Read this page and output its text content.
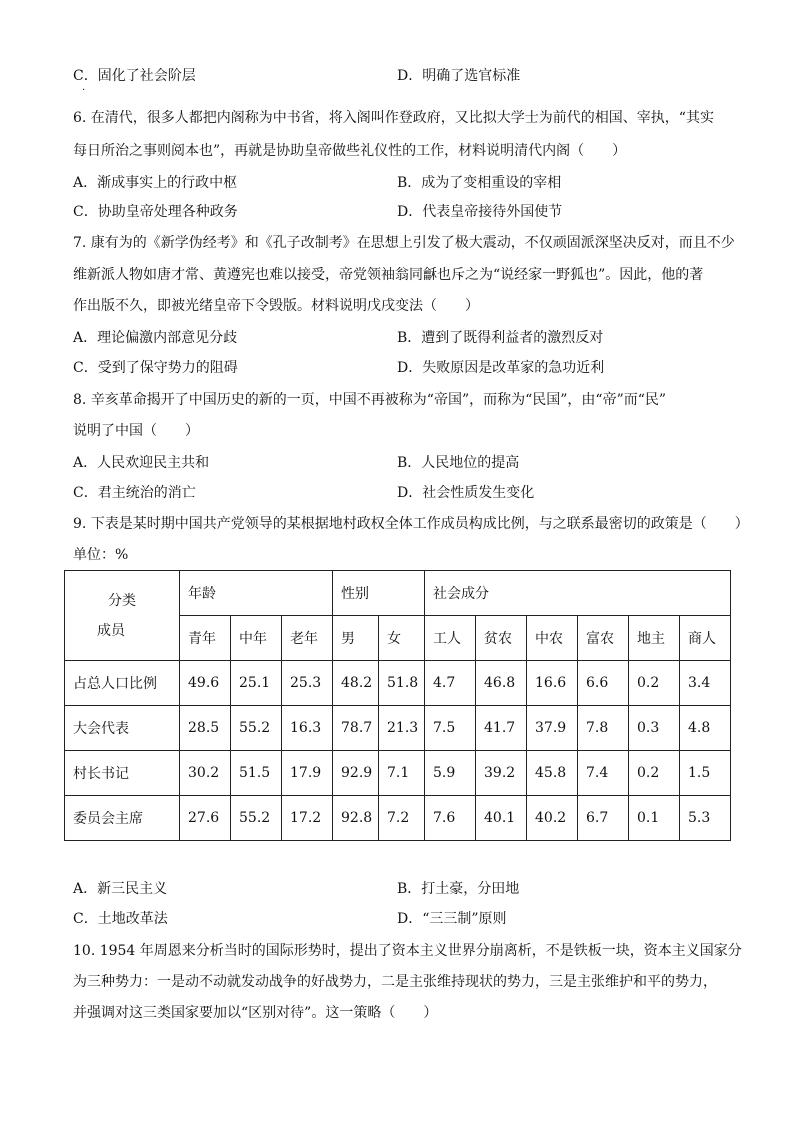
C．固化了社会阶层
·
D．明确了选官标准
6. 在清代，很多人都把内阁称为中书省，将入阁叫作登政府，又比拟大学士为前代的相国、宰执，“其实
每日所治之事则阅本也”，再就是协助皇帝做些礼仪性的工作，材料说明清代内阁（　　）
A．渐成事实上的行政中枢	B．成为了变相重设的宰相
C．协助皇帝处理各种政务	D．代表皇帝接待外国使节
7. 康有为的《新学伪经考》和《孔子改制考》在思想上引发了极大震动，不仅顽固派深坚决反对，而且不少
维新派人物如唐才常、黄遵宪也难以接受，帝党领袖翁同龢也斥之为“说经家一野狐也”。因此，他的著
作出版不久，即被光绪皇帝下令毁版。材料说明戊戌变法（　　）
A．理论偏激内部意见分歧	B．遭到了既得利益者的激烈反对
C．受到了保守势力的阻碍	D．失败原因是改革家的急功近利
8. 辛亥革命揭开了中国历史的新的一页，中国不再被称为“帝国”，而称为“民国”，由“帝”而“民”
说明了中国（　　）
A．人民欢迎民主共和	B．人民地位的提高
C．君主统治的消亡	D．社会性质发生变化
9. 下表是某时期中国共产党领导的某根据地村政权全体工作成员构成比例，与之联系最密切的政策是（　　）
单位：%
分类
成员	年龄			性别		社会成分					
	青年	中年	老年	男	女	工人	贫农	中农	富农	地主	商人
占总人口比例	49.6	25.1	25.3	48.2	51.8	4.7	46.8	16.6	6.6	0.2	3.4
大会代表	28.5	55.2	16.3	78.7	21.3	7.5	41.7	37.9	7.8	0.3	4.8
村长书记	30.2	51.5	17.9	92.9	7.1	5.9	39.2	45.8	7.4	0.2	1.5
委员会主席	27.6	55.2	17.2	92.8	7.2	7.6	40.1	40.2	6.7	0.1	5.3
A．新三民主义	B．打土豪，分田地
C．土地改革法	D．“三三制”原则
10. 1954 年周恩来分析当时的国际形势时，提出了资本主义世界分崩离析，不是铁板一块，资本主义国家分
为三种势力：一是动不动就发动战争的好战势力，二是主张维持现状的势力，三是主张维护和平的势力，
并强调对这三类国家要加以“区别对待”。这一策略（　　）
